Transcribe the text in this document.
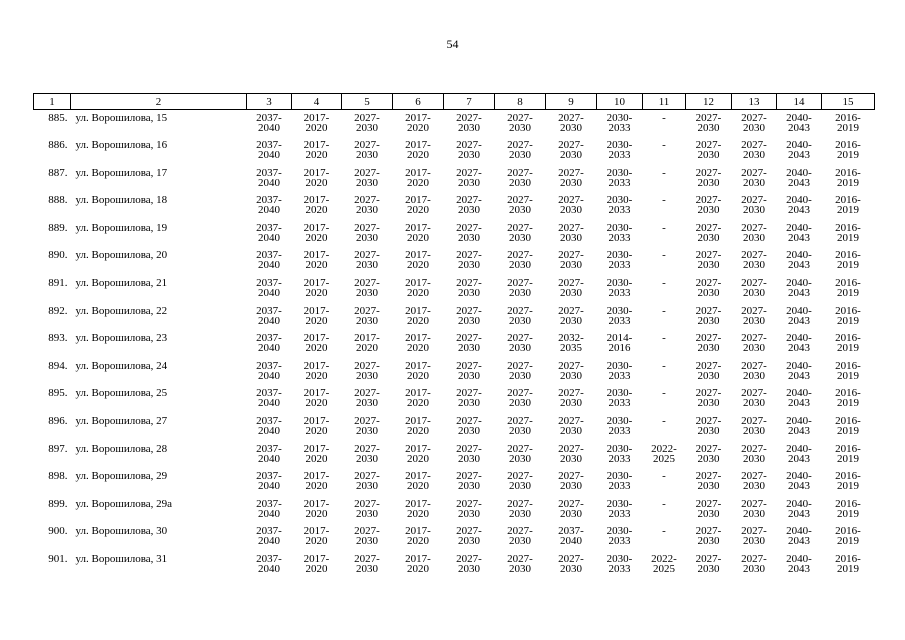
54
1	2	3	4	5	6	7	8	9	10	11	12	13	14	15
885.	ул. Ворошилова, 15	2037-
2040	2017-
2020	2027-
2030	2017-
2020	2027-
2030	2027-
2030	2027-
2030	2030-
2033	-	2027-
2030	2027-
2030	2040-
2043	2016-
2019

886.	ул. Ворошилова, 16	2037-
2040	2017-
2020	2027-
2030	2017-
2020	2027-
2030	2027-
2030	2027-
2030	2030-
2033	-	2027-
2030	2027-
2030	2040-
2043	2016-
2019

887.	ул. Ворошилова, 17	2037-
2040	2017-
2020	2027-
2030	2017-
2020	2027-
2030	2027-
2030	2027-
2030	2030-
2033	-	2027-
2030	2027-
2030	2040-
2043	2016-
2019

888.	ул. Ворошилова, 18	2037-
2040	2017-
2020	2027-
2030	2017-
2020	2027-
2030	2027-
2030	2027-
2030	2030-
2033	-	2027-
2030	2027-
2030	2040-
2043	2016-
2019

889.	ул. Ворошилова, 19	2037-
2040	2017-
2020	2027-
2030	2017-
2020	2027-
2030	2027-
2030	2027-
2030	2030-
2033	-	2027-
2030	2027-
2030	2040-
2043	2016-
2019

890.	ул. Ворошилова, 20	2037-
2040	2017-
2020	2027-
2030	2017-
2020	2027-
2030	2027-
2030	2027-
2030	2030-
2033	-	2027-
2030	2027-
2030	2040-
2043	2016-
2019

891.	ул. Ворошилова, 21	2037-
2040	2017-
2020	2027-
2030	2017-
2020	2027-
2030	2027-
2030	2027-
2030	2030-
2033	-	2027-
2030	2027-
2030	2040-
2043	2016-
2019

892.	ул. Ворошилова, 22	2037-
2040	2017-
2020	2027-
2030	2017-
2020	2027-
2030	2027-
2030	2027-
2030	2030-
2033	-	2027-
2030	2027-
2030	2040-
2043	2016-
2019

893.	ул. Ворошилова, 23	2037-
2040	2017-
2020	2017-
2020	2017-
2020	2027-
2030	2027-
2030	2032-
2035	2014-
2016	-	2027-
2030	2027-
2030	2040-
2043	2016-
2019

894.	ул. Ворошилова, 24	2037-
2040	2017-
2020	2027-
2030	2017-
2020	2027-
2030	2027-
2030	2027-
2030	2030-
2033	-	2027-
2030	2027-
2030	2040-
2043	2016-
2019

895.	ул. Ворошилова, 25	2037-
2040	2017-
2020	2027-
2030	2017-
2020	2027-
2030	2027-
2030	2027-
2030	2030-
2033	-	2027-
2030	2027-
2030	2040-
2043	2016-
2019

896.	ул. Ворошилова, 27	2037-
2040	2017-
2020	2027-
2030	2017-
2020	2027-
2030	2027-
2030	2027-
2030	2030-
2033	-	2027-
2030	2027-
2030	2040-
2043	2016-
2019

897.	ул. Ворошилова, 28	2037-
2040	2017-
2020	2027-
2030	2017-
2020	2027-
2030	2027-
2030	2027-
2030	2030-
2033	2022-
2025	2027-
2030	2027-
2030	2040-
2043	2016-
2019

898.	ул. Ворошилова, 29	2037-
2040	2017-
2020	2027-
2030	2017-
2020	2027-
2030	2027-
2030	2027-
2030	2030-
2033	-	2027-
2030	2027-
2030	2040-
2043	2016-
2019

899.	ул. Ворошилова, 29а	2037-
2040	2017-
2020	2027-
2030	2017-
2020	2027-
2030	2027-
2030	2027-
2030	2030-
2033	-	2027-
2030	2027-
2030	2040-
2043	2016-
2019

900.	ул. Ворошилова, 30	2037-
2040	2017-
2020	2027-
2030	2017-
2020	2027-
2030	2027-
2030	2037-
2040	2030-
2033	-	2027-
2030	2027-
2030	2040-
2043	2016-
2019

901.	ул. Ворошилова, 31	2037-
2040	2017-
2020	2027-
2030	2017-
2020	2027-
2030	2027-
2030	2027-
2030	2030-
2033	2022-
2025	2027-
2030	2027-
2030	2040-
2043	2016-
2019
